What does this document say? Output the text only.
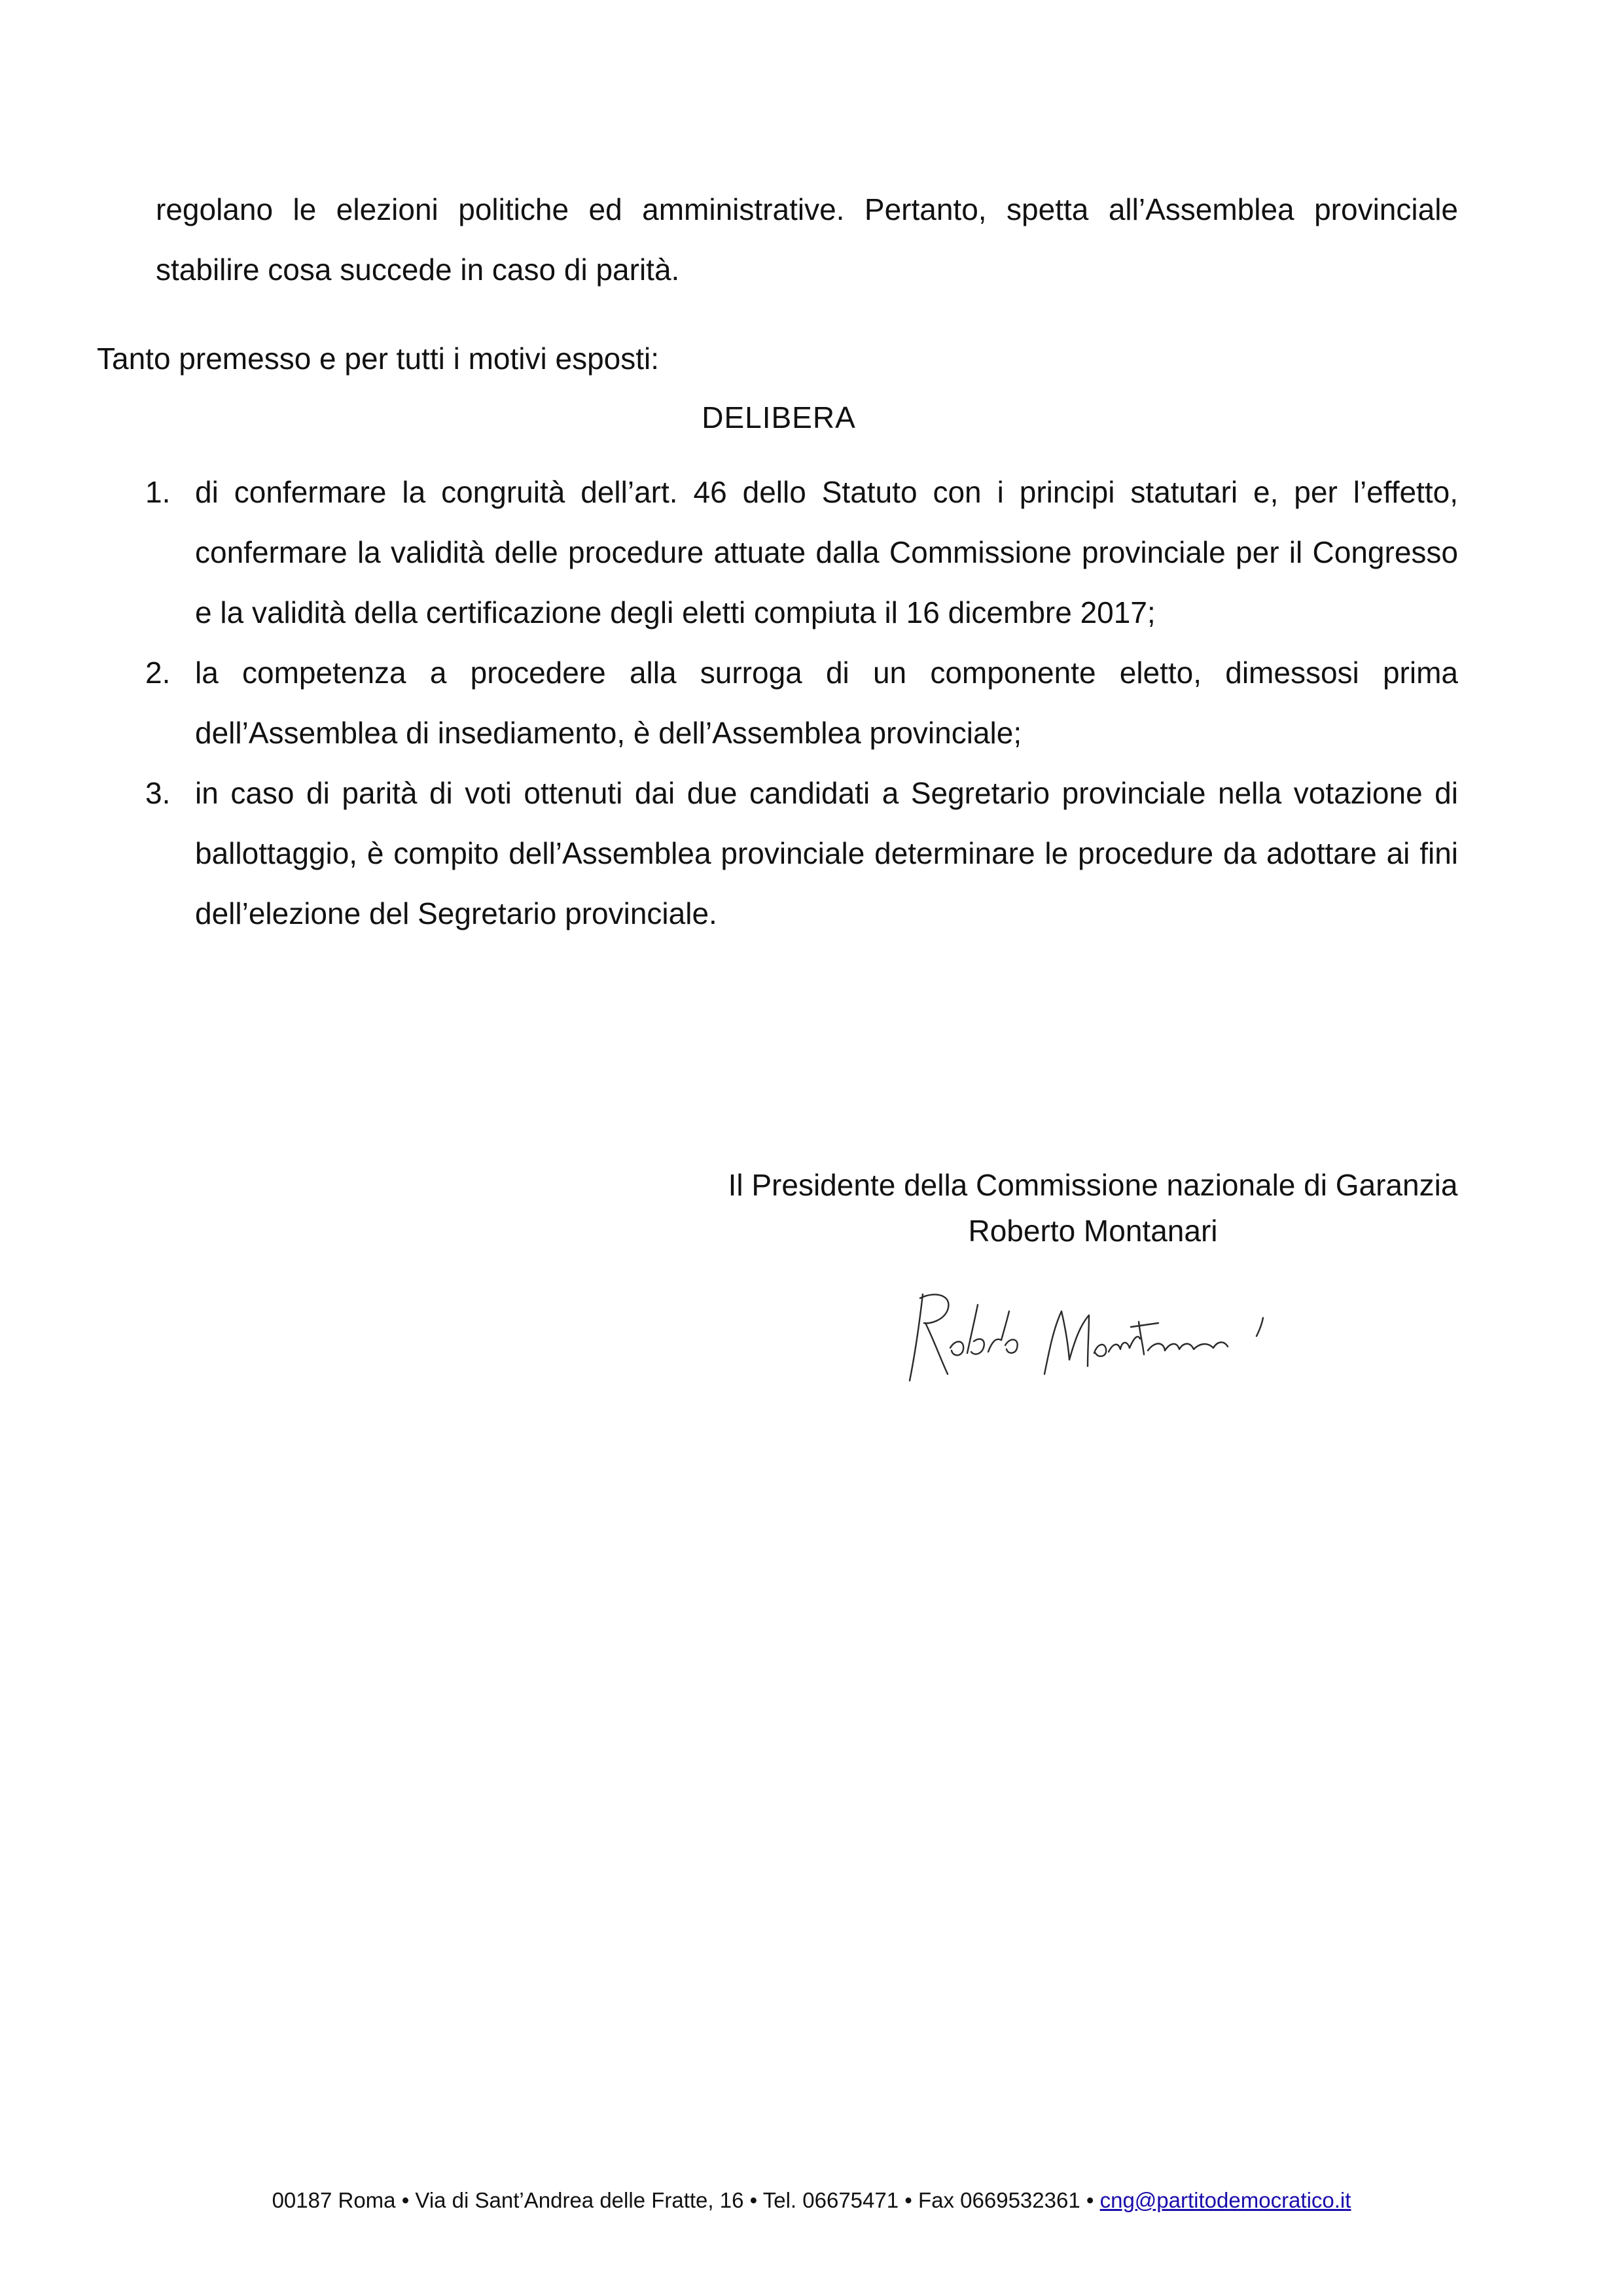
regolano le elezioni politiche ed amministrative. Pertanto, spetta all’Assemblea provinciale stabilire cosa succede in caso di parità.

Tanto premesso e per tutti i motivi esposti:

DELIBERA
1. di confermare la congruità dell’art. 46 dello Statuto con i principi statutari e, per l’effetto, confermare la validità delle procedure attuate dalla Commissione provinciale per il Congresso e la validità della certificazione degli eletti compiuta il 16 dicembre 2017;
2. la competenza a procedere alla surroga di un componente eletto, dimessosi prima dell’Assemblea di insediamento, è dell’Assemblea provinciale;
3. in caso di parità di voti ottenuti dai due candidati a Segretario provinciale nella votazione di ballottaggio, è compito dell’Assemblea provinciale determinare le procedure da adottare ai fini dell’elezione del Segretario provinciale.
Il Presidente della Commissione nazionale di Garanzia
Roberto Montanari
00187 Roma • Via di Sant’Andrea delle Fratte, 16 • Tel. 06675471 • Fax 0669532361 • cng@partitodemocratico.it
